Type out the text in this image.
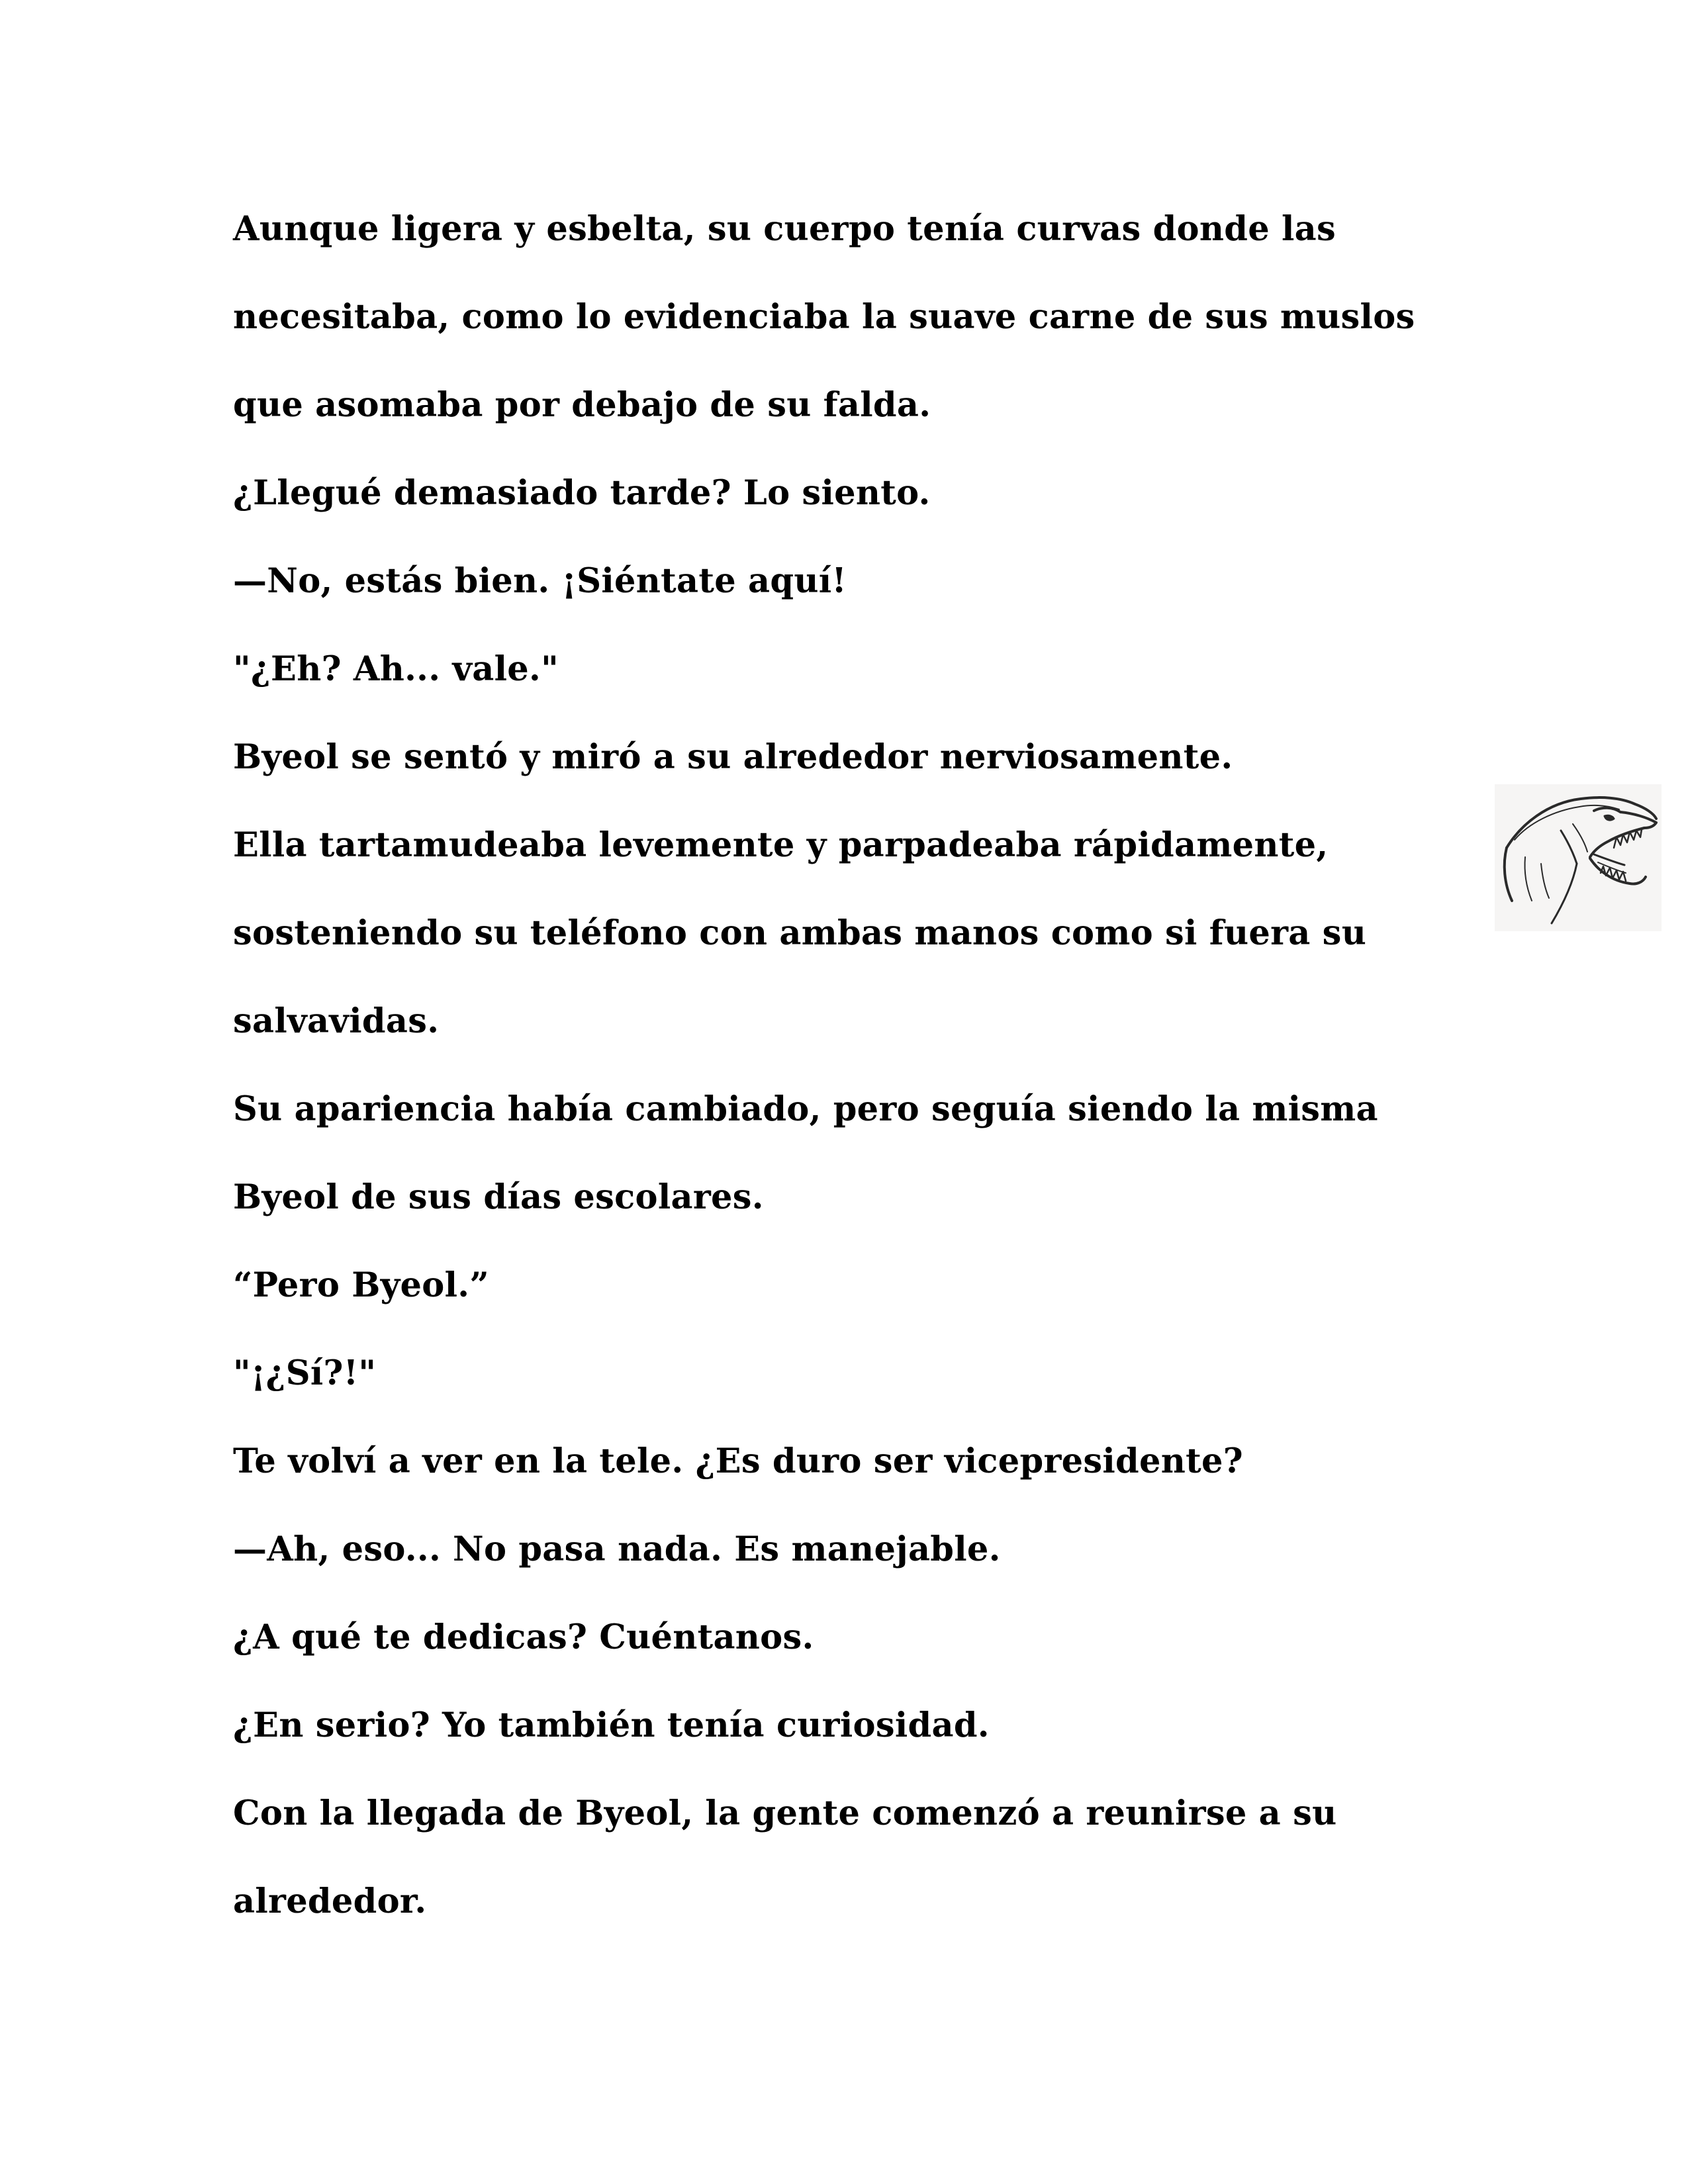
Aunque ligera y esbelta, su cuerpo tenía curvas donde las
necesitaba, como lo evidenciaba la suave carne de sus muslos
que asomaba por debajo de su falda.
¿Llegué demasiado tarde? Lo siento.
—No, estás bien. ¡Siéntate aquí!
"¿Eh? Ah... vale."
Byeol se sentó y miró a su alrededor nerviosamente.
Ella tartamudeaba levemente y parpadeaba rápidamente,
sosteniendo su teléfono con ambas manos como si fuera su
salvavidas.
Su apariencia había cambiado, pero seguía siendo la misma
Byeol de sus días escolares.
“Pero Byeol.”
"¡¿Sí?!"
Te volví a ver en la tele. ¿Es duro ser vicepresidente?
—Ah, eso... No pasa nada. Es manejable.
¿A qué te dedicas? Cuéntanos.
¿En serio? Yo también tenía curiosidad.
Con la llegada de Byeol, la gente comenzó a reunirse a su
alrededor.
